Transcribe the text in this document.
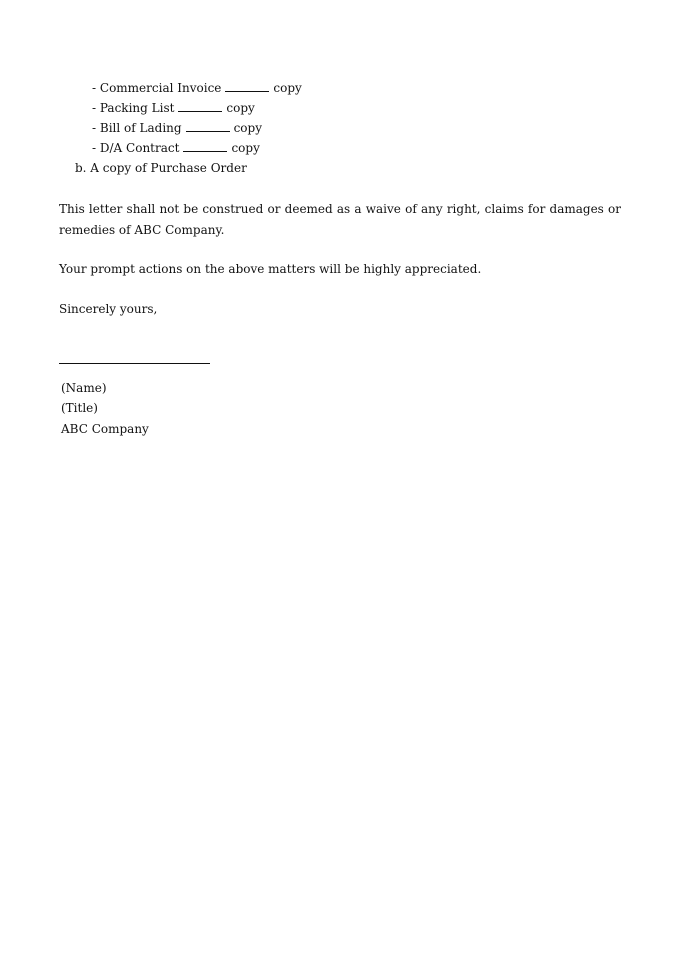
- Commercial Invoice	copy
- Packing List	copy
- Bill of Lading	copy
- D/A Contract	copy
b. A copy of Purchase Order
This letter shall not be construed or deemed as a waive of any right, claims for damages or remedies of ABC Company.
Your prompt actions on the above matters will be highly appreciated.
Sincerely yours,
(Name)
(Title)
ABC Company
